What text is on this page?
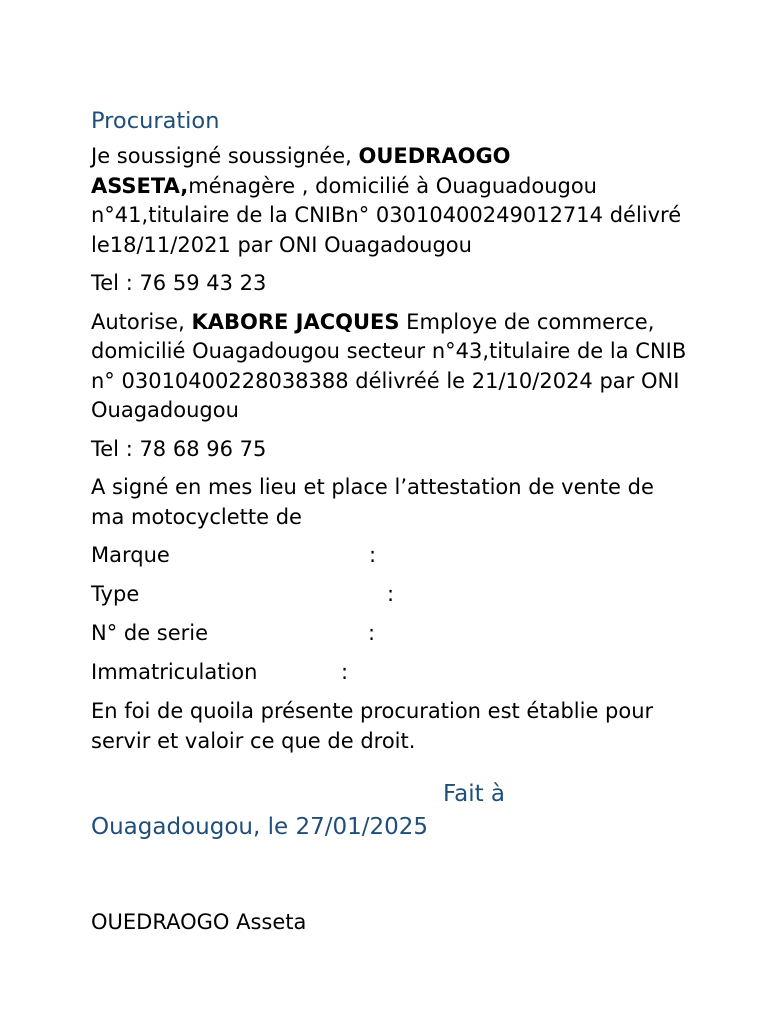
Procuration

Je soussigné soussignée, OUEDRAOGO ASSETA,ménagère , domicilié à Ouaguadougou n°41,titulaire de la CNIBn° 03010400249012714 délivré le18/11/2021 par ONI Ouagadougou

Tel : 76 59 43 23

Autorise, KABORE JACQUES Employe de commerce, domicilié Ouagadougou secteur n°43,titulaire de la CNIB n° 03010400228038388 délivréé le 21/10/2024 par ONI Ouagadougou

Tel : 78 68 96 75

A signé en mes lieu et place l’attestation de vente de ma motocyclette de

Marque	:
Type	:
N° de serie	:
Immatriculation	:

En foi de quoila présente procuration est établie pour servir et valoir ce que de droit.

Fait à
Ouagadougou, le 27/01/2025
OUEDRAOGO Asseta
